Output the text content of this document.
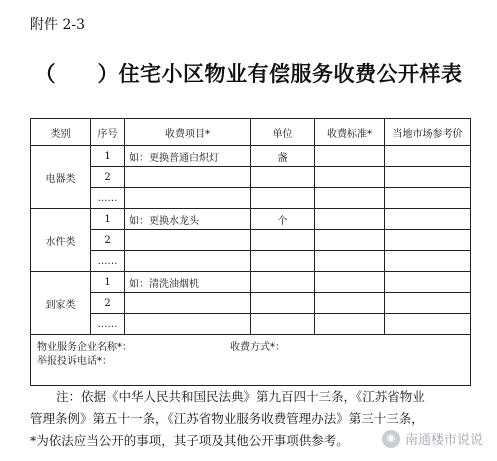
附件 2-3
（　　）住宅小区物业有偿服务收费公开样表
类别	序号	收费项目*	单位	收费标准*	当地市场参考价
电器类	1	如：更换普通白炽灯	盏		
	2				
	……				
水件类	1	如：更换水龙头	个		
	2				
	……				
到家类	1	如：清洗油烟机			
	2				
	……				

物业服务企业名称*： 收费方式*：
举报投诉电话*：					

注：依据《中华人民共和国民法典》第九百四十三条，《江苏省物业

管理条例》第五十一条，《江苏省物业服务收费管理办法》第三十三条，

*为依法应当公开的事项，其子项及其他公开事项供参考。	◉ 南通楼市说说
